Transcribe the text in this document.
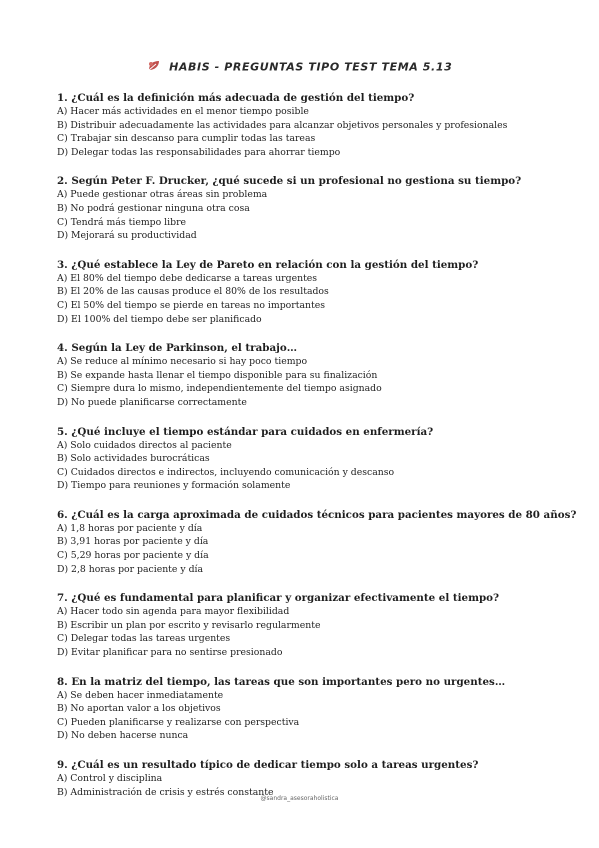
HABIS - PREGUNTAS TIPO TEST TEMA 5.13
1. ¿Cuál es la definición más adecuada de gestión del tiempo?
A) Hacer más actividades en el menor tiempo posible
B) Distribuir adecuadamente las actividades para alcanzar objetivos personales y profesionales
C) Trabajar sin descanso para cumplir todas las tareas
D) Delegar todas las responsabilidades para ahorrar tiempo
2. Según Peter F. Drucker, ¿qué sucede si un profesional no gestiona su tiempo?
A) Puede gestionar otras áreas sin problema
B) No podrá gestionar ninguna otra cosa
C) Tendrá más tiempo libre
D) Mejorará su productividad
3. ¿Qué establece la Ley de Pareto en relación con la gestión del tiempo?
A) El 80% del tiempo debe dedicarse a tareas urgentes
B) El 20% de las causas produce el 80% de los resultados
C) El 50% del tiempo se pierde en tareas no importantes
D) El 100% del tiempo debe ser planificado
4. Según la Ley de Parkinson, el trabajo…
A) Se reduce al mínimo necesario si hay poco tiempo
B) Se expande hasta llenar el tiempo disponible para su finalización
C) Siempre dura lo mismo, independientemente del tiempo asignado
D) No puede planificarse correctamente
5. ¿Qué incluye el tiempo estándar para cuidados en enfermería?
A) Solo cuidados directos al paciente
B) Solo actividades burocráticas
C) Cuidados directos e indirectos, incluyendo comunicación y descanso
D) Tiempo para reuniones y formación solamente
6. ¿Cuál es la carga aproximada de cuidados técnicos para pacientes mayores de 80 años?
A) 1,8 horas por paciente y día
B) 3,91 horas por paciente y día
C) 5,29 horas por paciente y día
D) 2,8 horas por paciente y día
7. ¿Qué es fundamental para planificar y organizar efectivamente el tiempo?
A) Hacer todo sin agenda para mayor flexibilidad
B) Escribir un plan por escrito y revisarlo regularmente
C) Delegar todas las tareas urgentes
D) Evitar planificar para no sentirse presionado
8. En la matriz del tiempo, las tareas que son importantes pero no urgentes…
A) Se deben hacer inmediatamente
B) No aportan valor a los objetivos
C) Pueden planificarse y realizarse con perspectiva
D) No deben hacerse nunca
9. ¿Cuál es un resultado típico de dedicar tiempo solo a tareas urgentes?
A) Control y disciplina
B) Administración de crisis y estrés constante
@sandra_asesoraholistica
